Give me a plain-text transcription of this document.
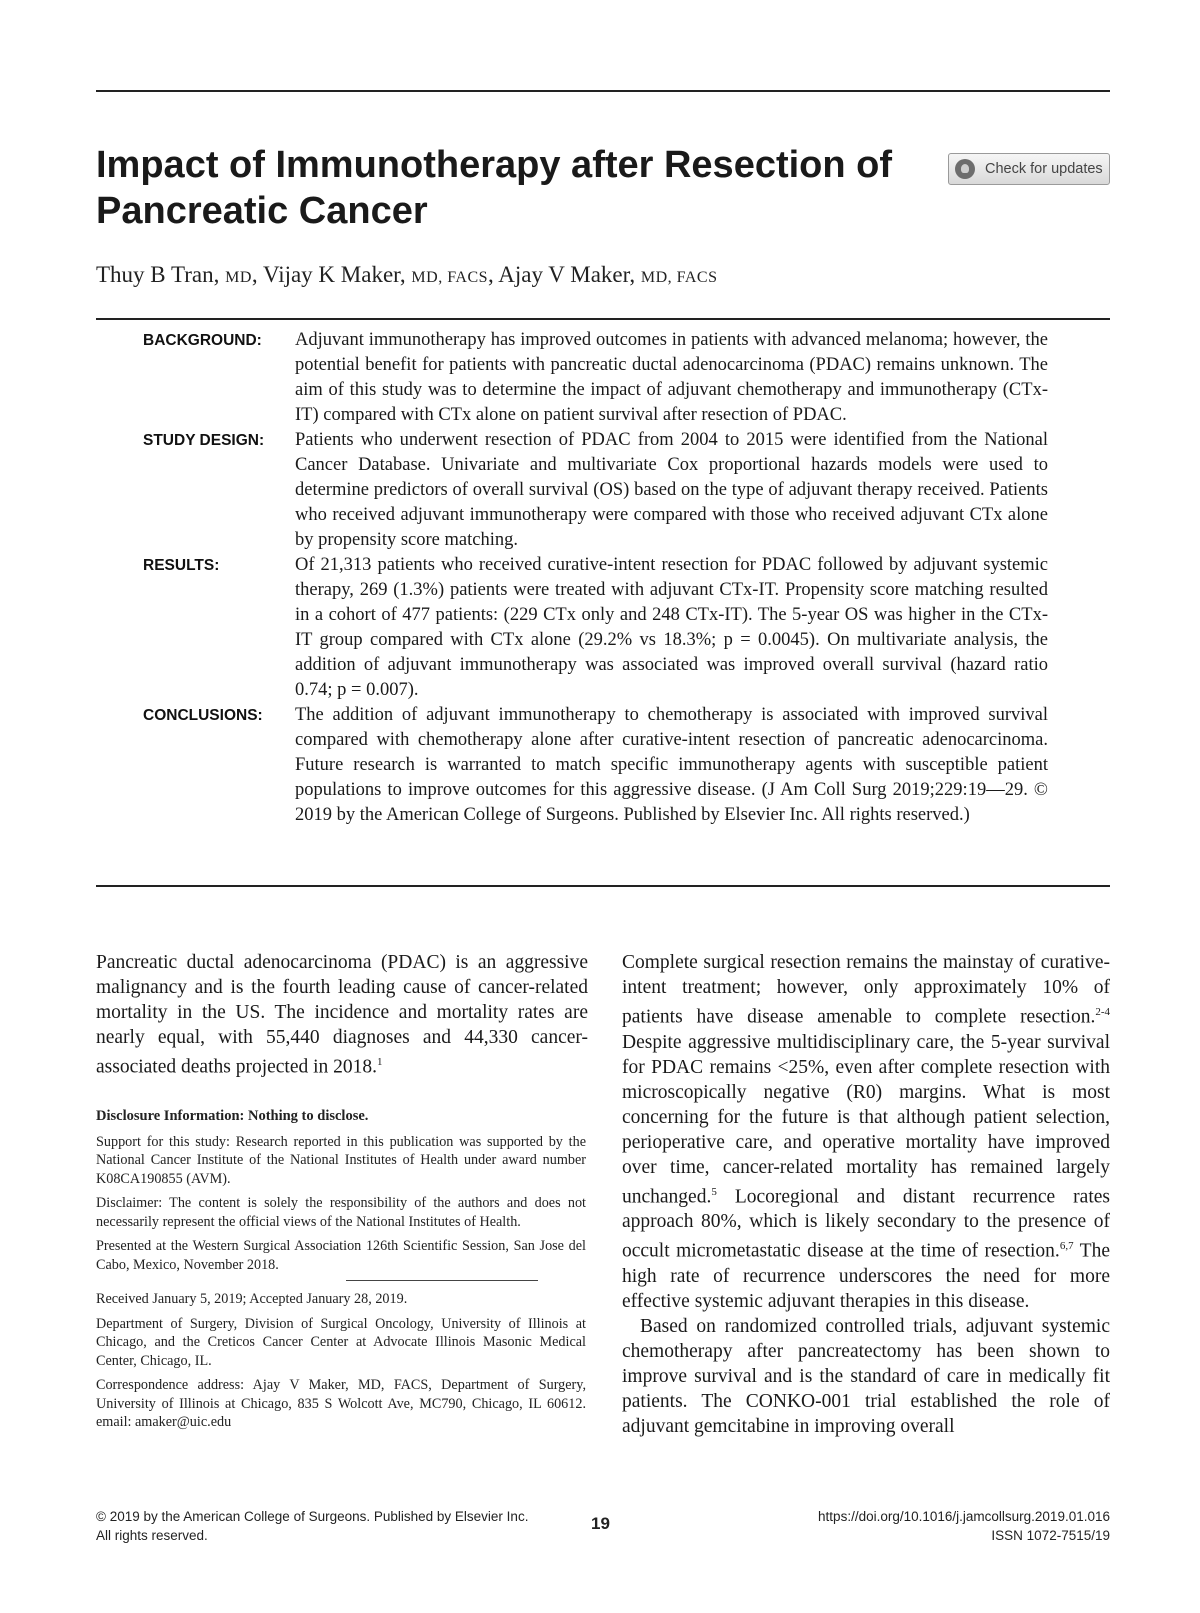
Impact of Immunotherapy after Resection of Pancreatic Cancer
Check for updates
Thuy B Tran, MD, Vijay K Maker, MD, FACS, Ajay V Maker, MD, FACS
BACKGROUND:	Adjuvant immunotherapy has improved outcomes in patients with advanced melanoma; however, the potential benefit for patients with pancreatic ductal adenocarcinoma (PDAC) remains unknown. The aim of this study was to determine the impact of adjuvant chemotherapy and immunotherapy (CTx-IT) compared with CTx alone on patient survival after resection of PDAC.
STUDY DESIGN:	Patients who underwent resection of PDAC from 2004 to 2015 were identified from the National Cancer Database. Univariate and multivariate Cox proportional hazards models were used to determine predictors of overall survival (OS) based on the type of adjuvant therapy received. Patients who received adjuvant immunotherapy were compared with those who received adjuvant CTx alone by propensity score matching.
RESULTS:	Of 21,313 patients who received curative-intent resection for PDAC followed by adjuvant systemic therapy, 269 (1.3%) patients were treated with adjuvant CTx-IT. Propensity score matching resulted in a cohort of 477 patients: (229 CTx only and 248 CTx-IT). The 5-year OS was higher in the CTx-IT group compared with CTx alone (29.2% vs 18.3%; p = 0.0045). On multivariate analysis, the addition of adjuvant immunotherapy was associated was improved overall survival (hazard ratio 0.74; p = 0.007).
CONCLUSIONS:	The addition of adjuvant immunotherapy to chemotherapy is associated with improved survival compared with chemotherapy alone after curative-intent resection of pancreatic adenocarcinoma. Future research is warranted to match specific immunotherapy agents with susceptible patient populations to improve outcomes for this aggressive disease. (J Am Coll Surg 2019;229:19—29. © 2019 by the American College of Surgeons. Published by Elsevier Inc. All rights reserved.)

Pancreatic ductal adenocarcinoma (PDAC) is an aggressive malignancy and is the fourth leading cause of cancer-related mortality in the US. The incidence and mortality rates are nearly equal, with 55,440 diagnoses and 44,330 cancer-associated deaths projected in 2018.$^1$

Disclosure Information: Nothing to disclose.

Support for this study: Research reported in this publication was supported by the National Cancer Institute of the National Institutes of Health under award number K08CA190855 (AVM).

Disclaimer: The content is solely the responsibility of the authors and does not necessarily represent the official views of the National Institutes of Health.

Presented at the Western Surgical Association 126th Scientific Session, San Jose del Cabo, Mexico, November 2018.

Received January 5, 2019; Accepted January 28, 2019.

Department of Surgery, Division of Surgical Oncology, University of Illinois at Chicago, and the Creticos Cancer Center at Advocate Illinois Masonic Medical Center, Chicago, IL.

Correspondence address: Ajay V Maker, MD, FACS, Department of Surgery, University of Illinois at Chicago, 835 S Wolcott Ave, MC790, Chicago, IL 60612. email: amaker@uic.edu

Complete surgical resection remains the mainstay of curative-intent treatment; however, only approximately 10% of patients have disease amenable to complete resection.$^{2-4}$ Despite aggressive multidisciplinary care, the 5-year survival for PDAC remains <25%, even after complete resection with microscopically negative (R0) margins. What is most concerning for the future is that although patient selection, perioperative care, and operative mortality have improved over time, cancer-related mortality has remained largely unchanged.$^5$ Locoregional and distant recurrence rates approach 80%, which is likely secondary to the presence of occult micrometastatic disease at the time of resection.$^{6,7}$ The high rate of recurrence underscores the need for more effective systemic adjuvant therapies in this disease.

Based on randomized controlled trials, adjuvant systemic chemotherapy after pancreatectomy has been shown to improve survival and is the standard of care in medically fit patients. The CONKO-001 trial established the role of adjuvant gemcitabine in improving overall

© 2019 by the American College of Surgeons. Published by Elsevier Inc.
All rights reserved.
19	https://doi.org/10.1016/j.jamcollsurg.2019.01.016
ISSN 1072-7515/19
